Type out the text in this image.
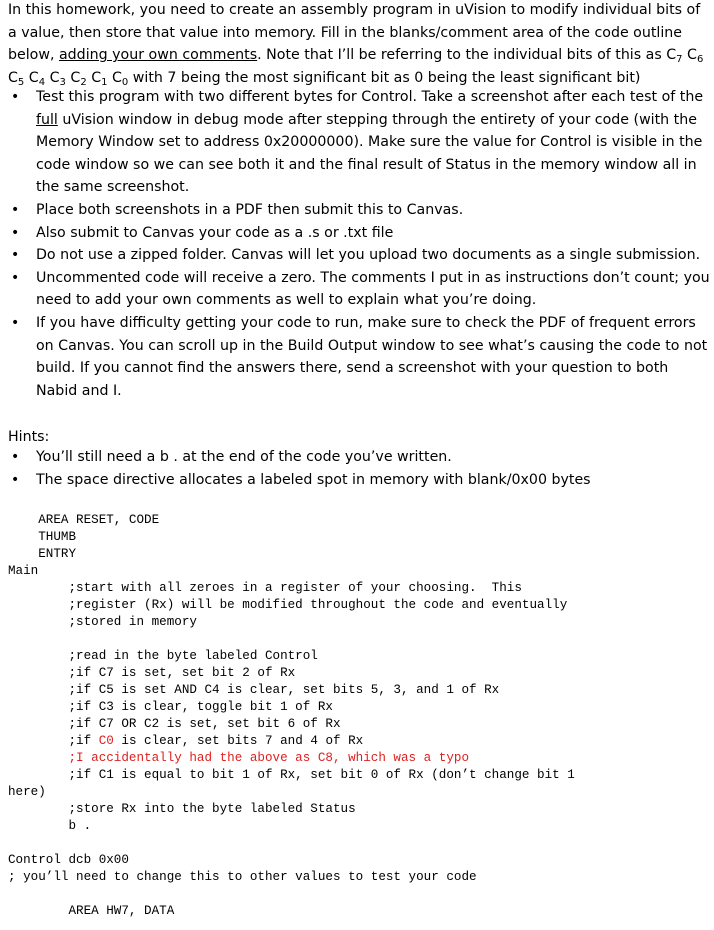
In this homework, you need to create an assembly program in uVision to modify individual bits of a value, then store that value into memory. Fill in the blanks/comment area of the code outline below, adding your own comments. Note that I’ll be referring to the individual bits of this as $C_7$ $C_6$ $C_5$ $C_4$ $C_3$ $C_2$ $C_1$ $C_0$ with 7 being the most significant bit as 0 being the least significant bit)
• Test this program with two different bytes for Control. Take a screenshot after each test of the full uVision window in debug mode after stepping through the entirety of your code (with the Memory Window set to address 0x20000000). Make sure the value for Control is visible in the code window so we can see both it and the final result of Status in the memory window all in the same screenshot.
• Place both screenshots in a PDF then submit this to Canvas.
• Also submit to Canvas your code as a .s or .txt file
• Do not use a zipped folder. Canvas will let you upload two documents as a single submission.
• Uncommented code will receive a zero. The comments I put in as instructions don’t count; you need to add your own comments as well to explain what you’re doing.
• If you have difficulty getting your code to run, make sure to check the PDF of frequent errors on Canvas. You can scroll up in the Build Output window to see what’s causing the code to not build. If you cannot find the answers there, send a screenshot with your question to both Nabid and I.
Hints:
• You’ll still need a b . at the end of the code you’ve written.
• The space directive allocates a labeled spot in memory with blank/0x00 bytes
AREA RESET, CODE
THUMB
ENTRY
Main
;start with all zeroes in a register of your choosing.  This
;register (Rx) will be modified throughout the code and eventually
;stored in memory

;read in the byte labeled Control
;if C7 is set, set bit 2 of Rx
;if C5 is set AND C4 is clear, set bits 5, 3, and 1 of Rx
;if C3 is clear, toggle bit 1 of Rx
;if C7 OR C2 is set, set bit 6 of Rx
;if C0 is clear, set bits 7 and 4 of Rx
;I accidentally had the above as C8, which was a typo
;if C1 is equal to bit 1 of Rx, set bit 0 of Rx (don’t change bit 1
here)
;store Rx into the byte labeled Status
b .

Control dcb 0x00
; you’ll need to change this to other values to test your code

AREA HW7, DATA
